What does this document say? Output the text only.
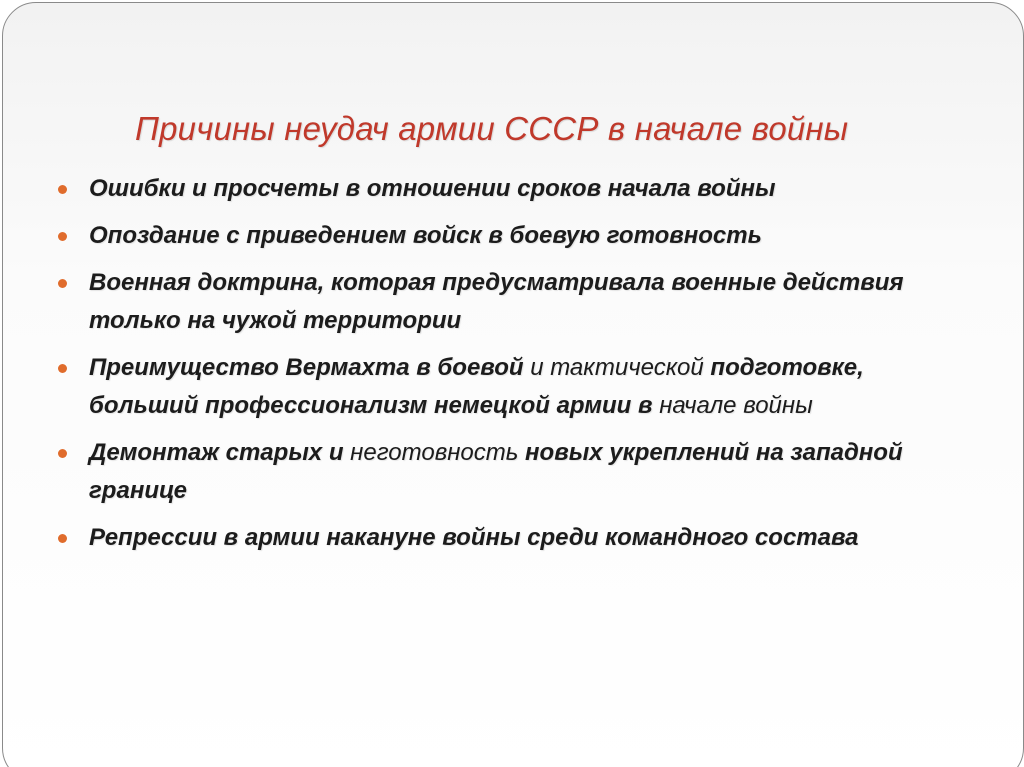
Причины неудач армии СССР в начале войны
Ошибки и просчеты в отношении сроков начала войны
Опоздание с приведением войск в боевую готовность
Военная доктрина, которая предусматривала военные действия только на чужой территории
Преимущество Вермахта в боевой и тактической подготовке, больший профессионализм немецкой армии в начале войны
Демонтаж старых и неготовность новых укреплений на западной границе
Репрессии в армии накануне войны среди командного состава
